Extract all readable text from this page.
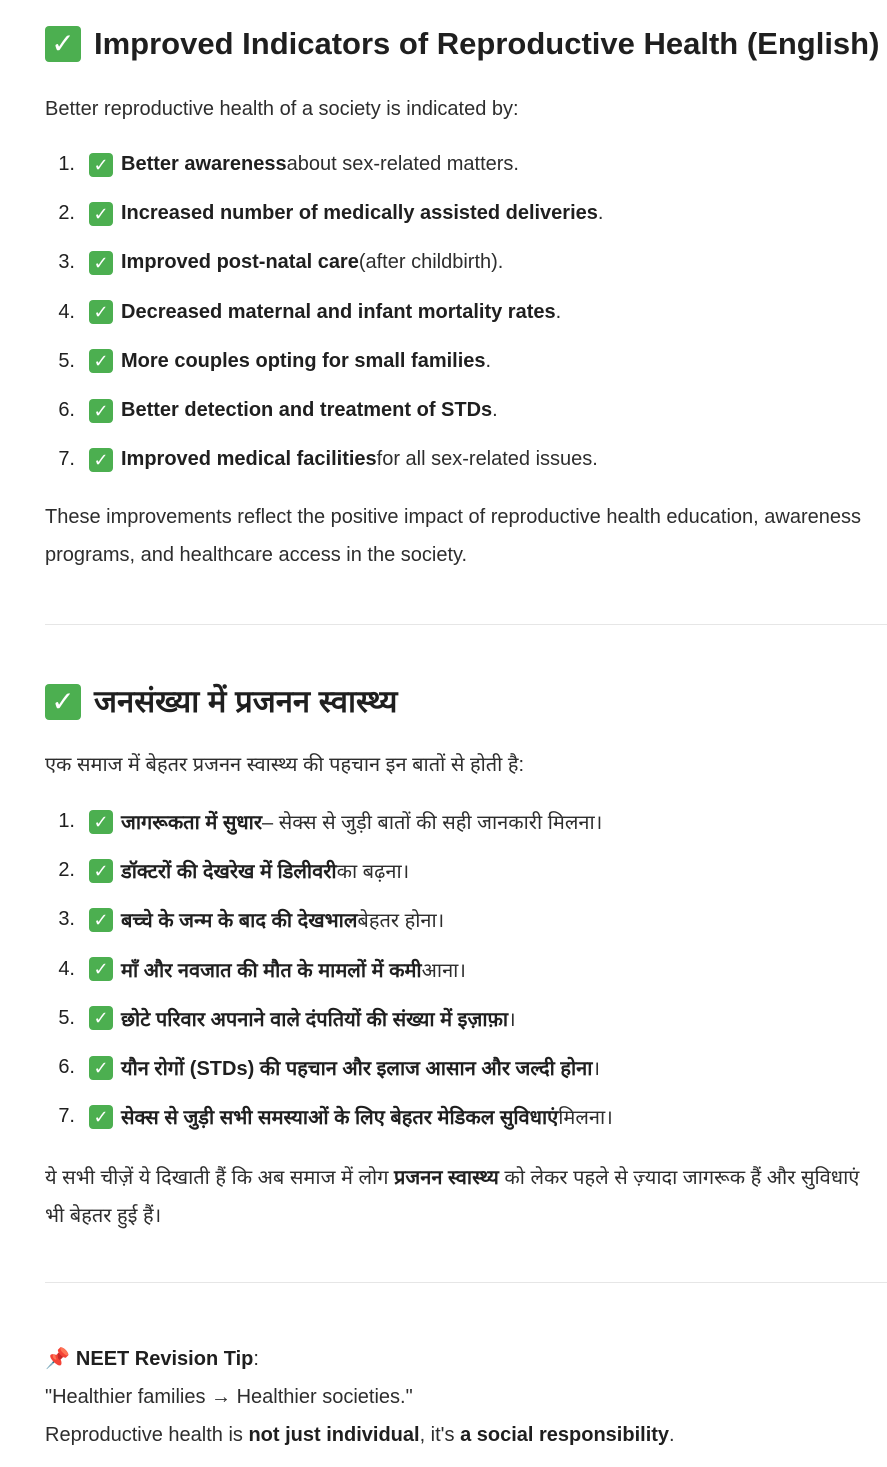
✓ Improved Indicators of Reproductive Health (English)

Better reproductive health of a society is indicated by:

1. ✓ Better awareness about sex-related matters.
2. ✓ Increased number of medically assisted deliveries .
3. ✓ Improved post-natal care (after childbirth).
4. ✓ Decreased maternal and infant mortality rates .
5. ✓ More couples opting for small families .
6. ✓ Better detection and treatment of STDs .
7. ✓ Improved medical facilities for all sex-related issues.

These improvements reflect the positive impact of reproductive health education, awareness programs, and healthcare access in the society.

✓ जनसंख्या में प्रजनन स्वास्थ्य

एक समाज में बेहतर प्रजनन स्वास्थ्य की पहचान इन बातों से होती है:

1. ✓ जागरूकता में सुधार – सेक्स से जुड़ी बातों की सही जानकारी मिलना।
2. ✓ डॉक्टरों की देखरेख में डिलीवरी का बढ़ना।
3. ✓ बच्चे के जन्म के बाद की देखभाल बेहतर होना।
4. ✓ माँ और नवजात की मौत के मामलों में कमी आना।
5. ✓ छोटे परिवार अपनाने वाले दंपतियों की संख्या में इज़ाफ़ा ।
6. ✓ यौन रोगों (STDs) की पहचान और इलाज आसान और जल्दी होना ।
7. ✓ सेक्स से जुड़ी सभी समस्याओं के लिए बेहतर मेडिकल सुविधाएं मिलना।

ये सभी चीज़ें ये दिखाती हैं कि अब समाज में लोग प्रजनन स्वास्थ्य को लेकर पहले से ज़्यादा जागरूक हैं और सुविधाएं भी बेहतर हुई हैं।

📌 NEET Revision Tip:

"Healthier families → Healthier societies."

Reproductive health is not just individual, it's a social responsibility.
